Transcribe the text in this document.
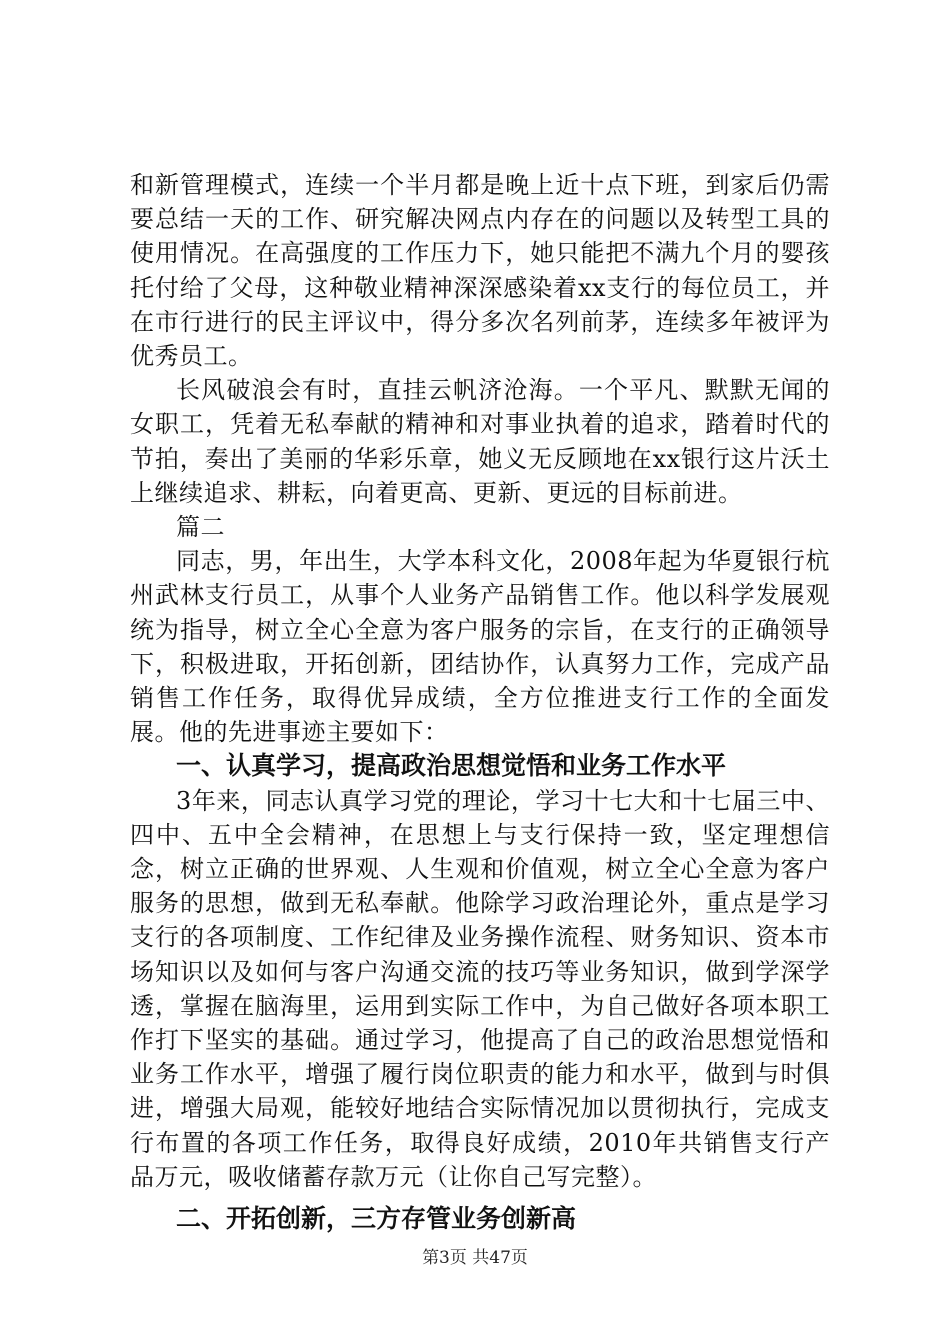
和新管理模式，连续一个半月都是晚上近十点下班，到家后仍需要总结一天的工作、研究解决网点内存在的问题以及转型工具的使用情况。在高强度的工作压力下，她只能把不满九个月的婴孩托付给了父母，这种敬业精神深深感染着xx支行的每位员工，并在市行进行的民主评议中，得分多次名列前茅，连续多年被评为优秀员工。

长风破浪会有时，直挂云帆济沧海。一个平凡、默默无闻的女职工，凭着无私奉献的精神和对事业执着的追求，踏着时代的节拍，奏出了美丽的华彩乐章，她义无反顾地在xx银行这片沃土上继续追求、耕耘，向着更高、更新、更远的目标前进。

篇二

同志，男，年出生，大学本科文化，2008年起为华夏银行杭州武林支行员工，从事个人业务产品销售工作。他以科学发展观统为指导，树立全心全意为客户服务的宗旨，在支行的正确领导下，积极进取，开拓创新，团结协作，认真努力工作，完成产品销售工作任务，取得优异成绩，全方位推进支行工作的全面发展。他的先进事迹主要如下：

一、认真学习，提高政治思想觉悟和业务工作水平

3年来，同志认真学习党的理论，学习十七大和十七届三中、四中、五中全会精神，在思想上与支行保持一致，坚定理想信念，树立正确的世界观、人生观和价值观，树立全心全意为客户服务的思想，做到无私奉献。他除学习政治理论外，重点是学习支行的各项制度、工作纪律及业务操作流程、财务知识、资本市场知识以及如何与客户沟通交流的技巧等业务知识，做到学深学透，掌握在脑海里，运用到实际工作中，为自己做好各项本职工作打下坚实的基础。通过学习，他提高了自己的政治思想觉悟和业务工作水平，增强了履行岗位职责的能力和水平，做到与时俱进，增强大局观，能较好地结合实际情况加以贯彻执行，完成支行布置的各项工作任务，取得良好成绩，2010年共销售支行产品万元，吸收储蓄存款万元（让你自己写完整）。

二、开拓创新，三方存管业务创新高

第3页 共47页
